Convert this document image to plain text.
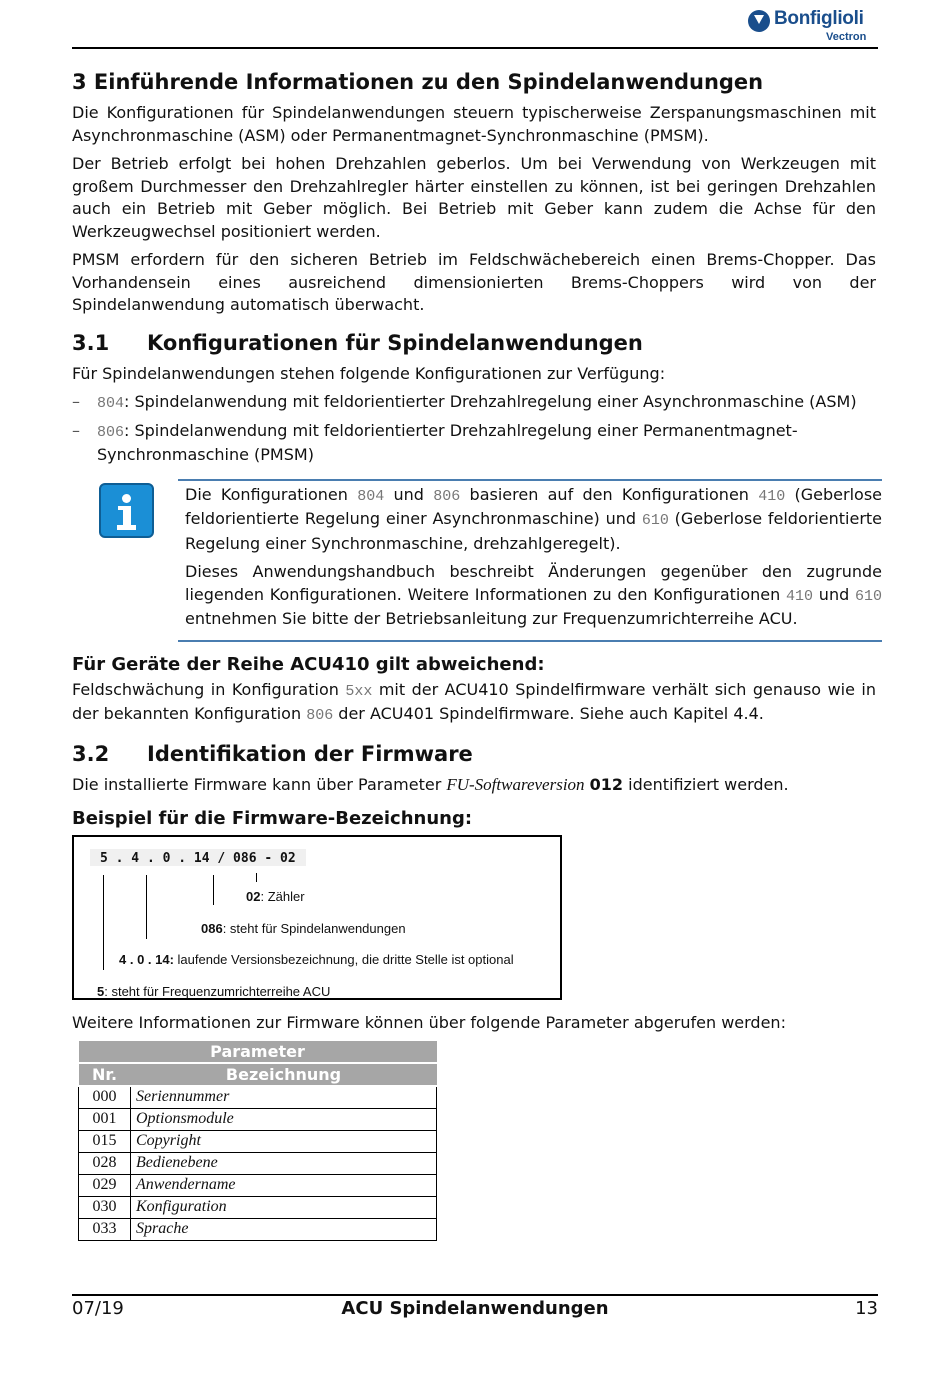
Bonfiglioli
Vectron
3 Einführende Informationen zu den Spindelanwendungen

Die Konfigurationen für Spindelanwendungen steuern typischerweise Zerspanungsmaschinen mit Asynchronmaschine (ASM) oder Permanentmagnet-Synchronmaschine (PMSM).

Der Betrieb erfolgt bei hohen Drehzahlen geberlos. Um bei Verwendung von Werkzeugen mit großem Durchmesser den Drehzahlregler härter einstellen zu können, ist bei geringen Drehzahlen auch ein Betrieb mit Geber möglich. Bei Betrieb mit Geber kann zudem die Achse für den Werkzeugwechsel positioniert werden.

PMSM erfordern für den sicheren Betrieb im Feldschwächebereich einen Brems-Chopper. Das Vorhandensein eines ausreichend dimensionierten Brems-Choppers wird von der Spindelanwendung automatisch überwacht.

3.1 Konfigurationen für Spindelanwendungen

Für Spindelanwendungen stehen folgende Konfigurationen zur Verfügung:

– 804: Spindelanwendung mit feldorientierter Drehzahlregelung einer Asynchronmaschine (ASM)
– 806: Spindelanwendung mit feldorientierter Drehzahlregelung einer Permanentmagnet-Synchronmaschine (PMSM)

Die Konfigurationen 804 und 806 basieren auf den Konfigurationen 410 (Geberlose feldorientierte Regelung einer Asynchronmaschine) und 610 (Geberlose feldorientierte Regelung einer Synchronmaschine, drehzahlgeregelt).

Dieses Anwendungshandbuch beschreibt Änderungen gegenüber den zugrunde liegenden Konfigurationen. Weitere Informationen zu den Konfigurationen 410 und 610 entnehmen Sie bitte der Betriebsanleitung zur Frequenzumrichterreihe ACU.

Für Geräte der Reihe ACU410 gilt abweichend:

Feldschwächung in Konfiguration 5xx mit der ACU410 Spindelfirmware verhält sich genauso wie in der bekannten Konfiguration 806 der ACU401 Spindelfirmware. Siehe auch Kapitel 4.4.

3.2 Identifikation der Firmware

Die installierte Firmware kann über Parameter FU-Softwareversion 012 identifiziert werden.

Beispiel für die Firmware-Bezeichnung:
5 . 4 . 0 . 14 / 086 - 02
02: Zähler
086: steht für Spindelanwendungen
4 . 0 . 14: laufende Versionsbezeichnung, die dritte Stelle ist optional
5: steht für Frequenzumrichterreihe ACU

Weitere Informationen zur Firmware können über folgende Parameter abgerufen werden:

Parameter	
Nr.	Bezeichnung
000	Seriennummer
001	Optionsmodule
015	Copyright
028	Bedienebene
029	Anwendername
030	Konfiguration
033	Sprache
07/19	ACU Spindelanwendungen	13
